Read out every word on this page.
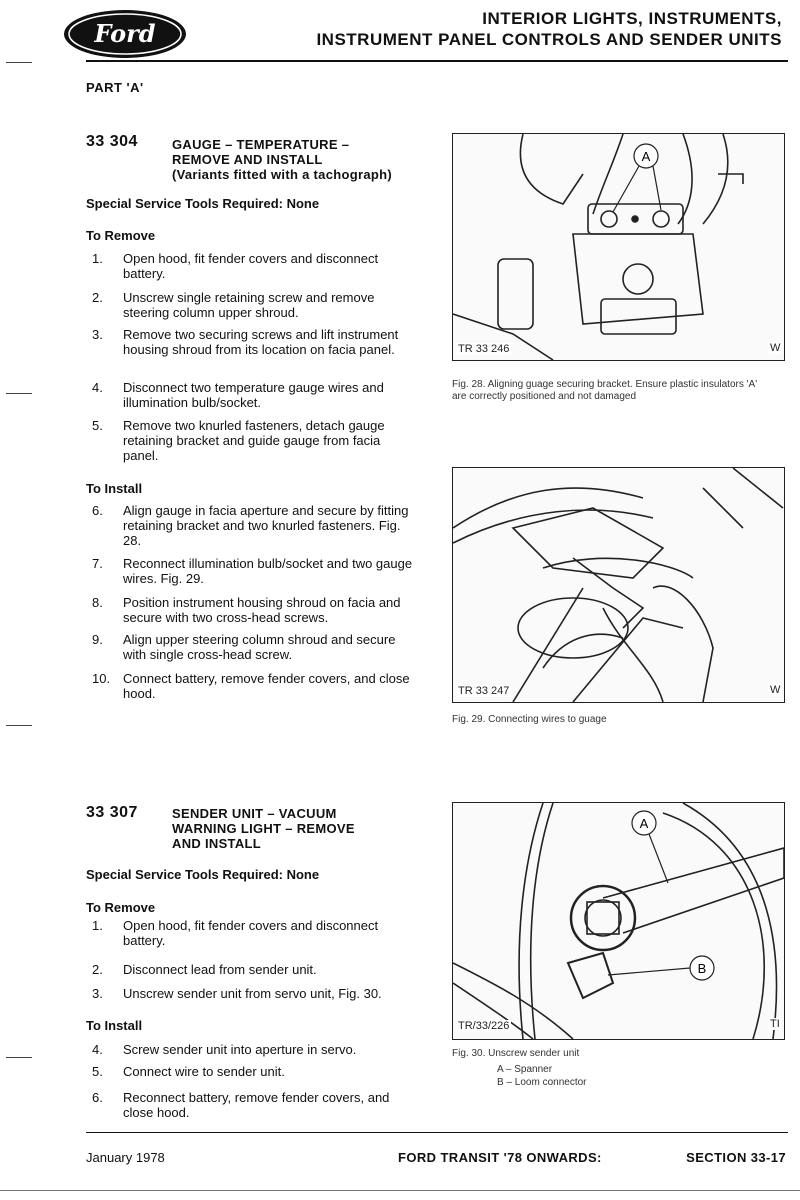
Ford
INTERIOR LIGHTS, INSTRUMENTS,
INSTRUMENT PANEL CONTROLS AND SENDER UNITS
PART 'A'
33 304	GAUGE – TEMPERATURE –
REMOVE AND INSTALL
(Variants fitted with a tachograph)
Special Service Tools Required: None
To Remove
1. Open hood, fit fender covers and disconnect battery.
2. Unscrew single retaining screw and remove steering column upper shroud.
3. Remove two securing screws and lift instrument housing shroud from its location on facia panel.
4. Disconnect two temperature gauge wires and illumination bulb/socket.
5. Remove two knurled fasteners, detach gauge retaining bracket and guide gauge from facia panel.
To Install
6. Align gauge in facia aperture and secure by fitting retaining bracket and two knurled fasteners. Fig. 28.
7. Reconnect illumination bulb/socket and two gauge wires. Fig. 29.
8. Position instrument housing shroud on facia and secure with two cross-head screws.
9. Align upper steering column shroud and secure with single cross-head screw.
10. Connect battery, remove fender covers, and close hood.
A
TR 33 246	W
Fig. 28. Aligning guage securing bracket. Ensure plastic insulators 'A' are correctly positioned and not damaged
TR 33 247	W
Fig. 29. Connecting wires to guage
33 307	SENDER UNIT – VACUUM
WARNING LIGHT – REMOVE
AND INSTALL
Special Service Tools Required: None
To Remove
1. Open hood, fit fender covers and disconnect battery.
2. Disconnect lead from sender unit.
3. Unscrew sender unit from servo unit, Fig. 30.
To Install
4. Screw sender unit into aperture in servo.
5. Connect wire to sender unit.
6. Reconnect battery, remove fender covers, and close hood.
A
B
TR/33/226	TI
Fig. 30. Unscrew sender unit
A – Spanner
B – Loom connector
January 1978	FORD TRANSIT '78 ONWARDS:	SECTION 33-17
